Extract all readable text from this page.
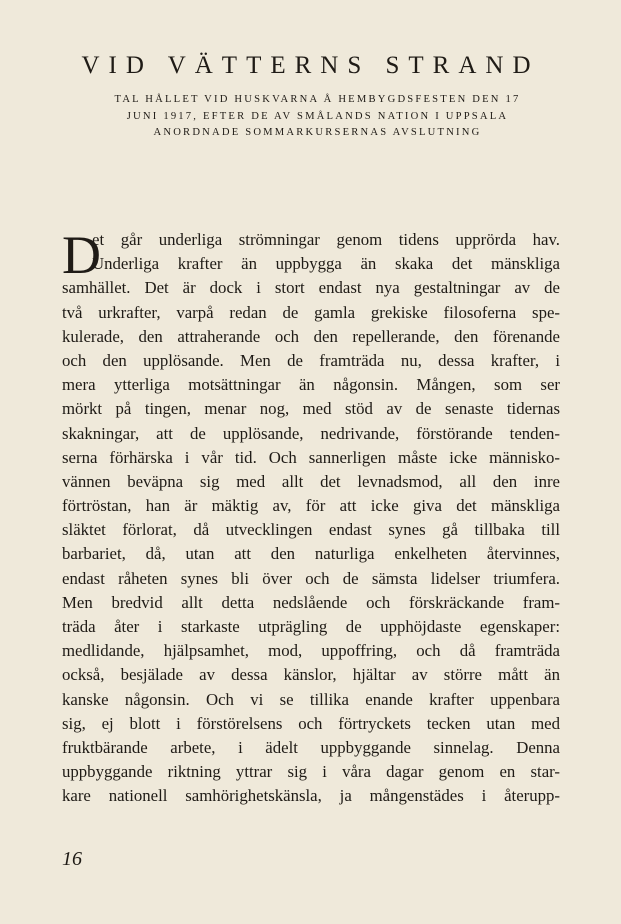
VID VÄTTERNS STRAND
TAL HÅLLET VID HUSKVARNA Å HEMBYGDSFESTEN DEN 17
JUNI 1917, EFTER DE AV SMÅLANDS NATION I UPPSALA
ANORDNADE SOMMARKURSERNAS AVSLUTNING
D
et går underliga strömningar genom tidens upprörda hav.
Underliga krafter än uppbygga än skaka det mänskliga
samhället. Det är dock i stort endast nya gestaltningar av de
två urkrafter, varpå redan de gamla grekiske filosoferna spe-
kulerade, den attraherande och den repellerande, den förenande
och den upplösande. Men de framträda nu, dessa krafter, i
mera ytterliga motsättningar än någonsin. Mången, som ser
mörkt på tingen, menar nog, med stöd av de senaste tidernas
skakningar, att de upplösande, nedrivande, förstörande tenden-
serna förhärska i vår tid. Och sannerligen måste icke människo-
vännen beväpna sig med allt det levnadsmod, all den inre
förtröstan, han är mäktig av, för att icke giva det mänskliga
släktet förlorat, då utvecklingen endast synes gå tillbaka till
barbariet, då, utan att den naturliga enkelheten återvinnes,
endast råheten synes bli över och de sämsta lidelser triumfera.
Men bredvid allt detta nedslående och förskräckande fram-
träda åter i starkaste utprägling de upphöjdaste egenskaper:
medlidande, hjälpsamhet, mod, uppoffring, och då framträda
också, besjälade av dessa känslor, hjältar av större mått än
kanske någonsin. Och vi se tillika enande krafter uppenbara
sig, ej blott i förstörelsens och förtryckets tecken utan med
fruktbärande arbete, i ädelt uppbyggande sinnelag. Denna
uppbyggande riktning yttrar sig i våra dagar genom en star-
kare nationell samhörighetskänsla, ja mångenstädes i återupp-
16
